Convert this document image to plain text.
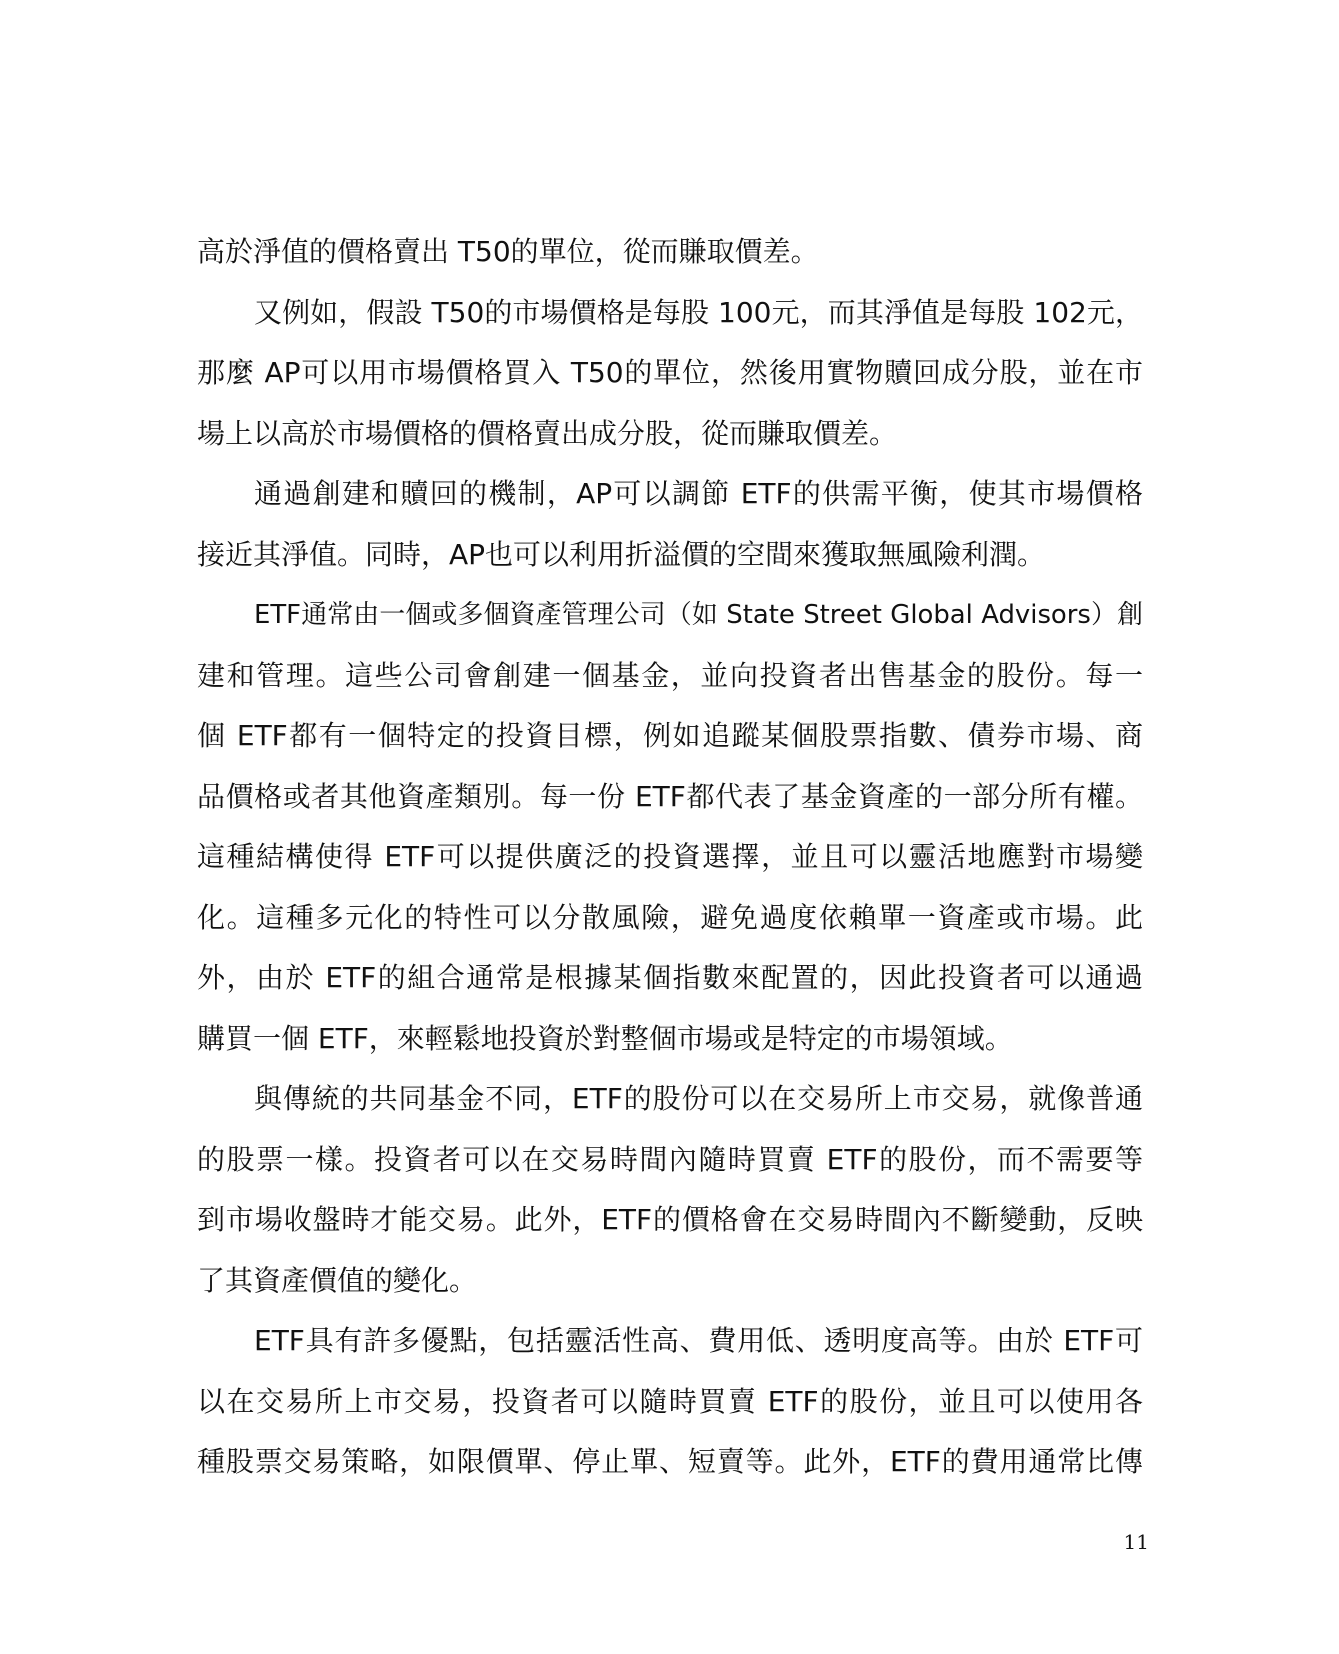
高於淨值的價格賣出 T50的單位，從而賺取價差。
又例如，假設 T50的市場價格是每股 100元，而其淨值是每股 102元，
那麼 AP可以用市場價格買入 T50的單位，然後用實物贖回成分股，並在市
場上以高於市場價格的價格賣出成分股，從而賺取價差。
通過創建和贖回的機制，AP可以調節 ETF的供需平衡，使其市場價格
接近其淨值。同時，AP也可以利用折溢價的空間來獲取無風險利潤。
ETF通常由一個或多個資產管理公司（如 State Street Global Advisors）創
建和管理。這些公司會創建一個基金，並向投資者出售基金的股份。每一
個 ETF都有一個特定的投資目標，例如追蹤某個股票指數、債券市場、商
品價格或者其他資產類別。每一份 ETF都代表了基金資產的一部分所有權。
這種結構使得 ETF可以提供廣泛的投資選擇，並且可以靈活地應對市場變
化。這種多元化的特性可以分散風險，避免過度依賴單一資產或市場。此
外，由於 ETF的組合通常是根據某個指數來配置的，因此投資者可以通過
購買一個 ETF，來輕鬆地投資於對整個市場或是特定的市場領域。
與傳統的共同基金不同，ETF的股份可以在交易所上市交易，就像普通
的股票一樣。投資者可以在交易時間內隨時買賣 ETF的股份，而不需要等
到市場收盤時才能交易。此外，ETF的價格會在交易時間內不斷變動，反映
了其資產價值的變化。
ETF具有許多優點，包括靈活性高、費用低、透明度高等。由於 ETF可
以在交易所上市交易，投資者可以隨時買賣 ETF的股份，並且可以使用各
種股票交易策略，如限價單、停止單、短賣等。此外，ETF的費用通常比傳
11
